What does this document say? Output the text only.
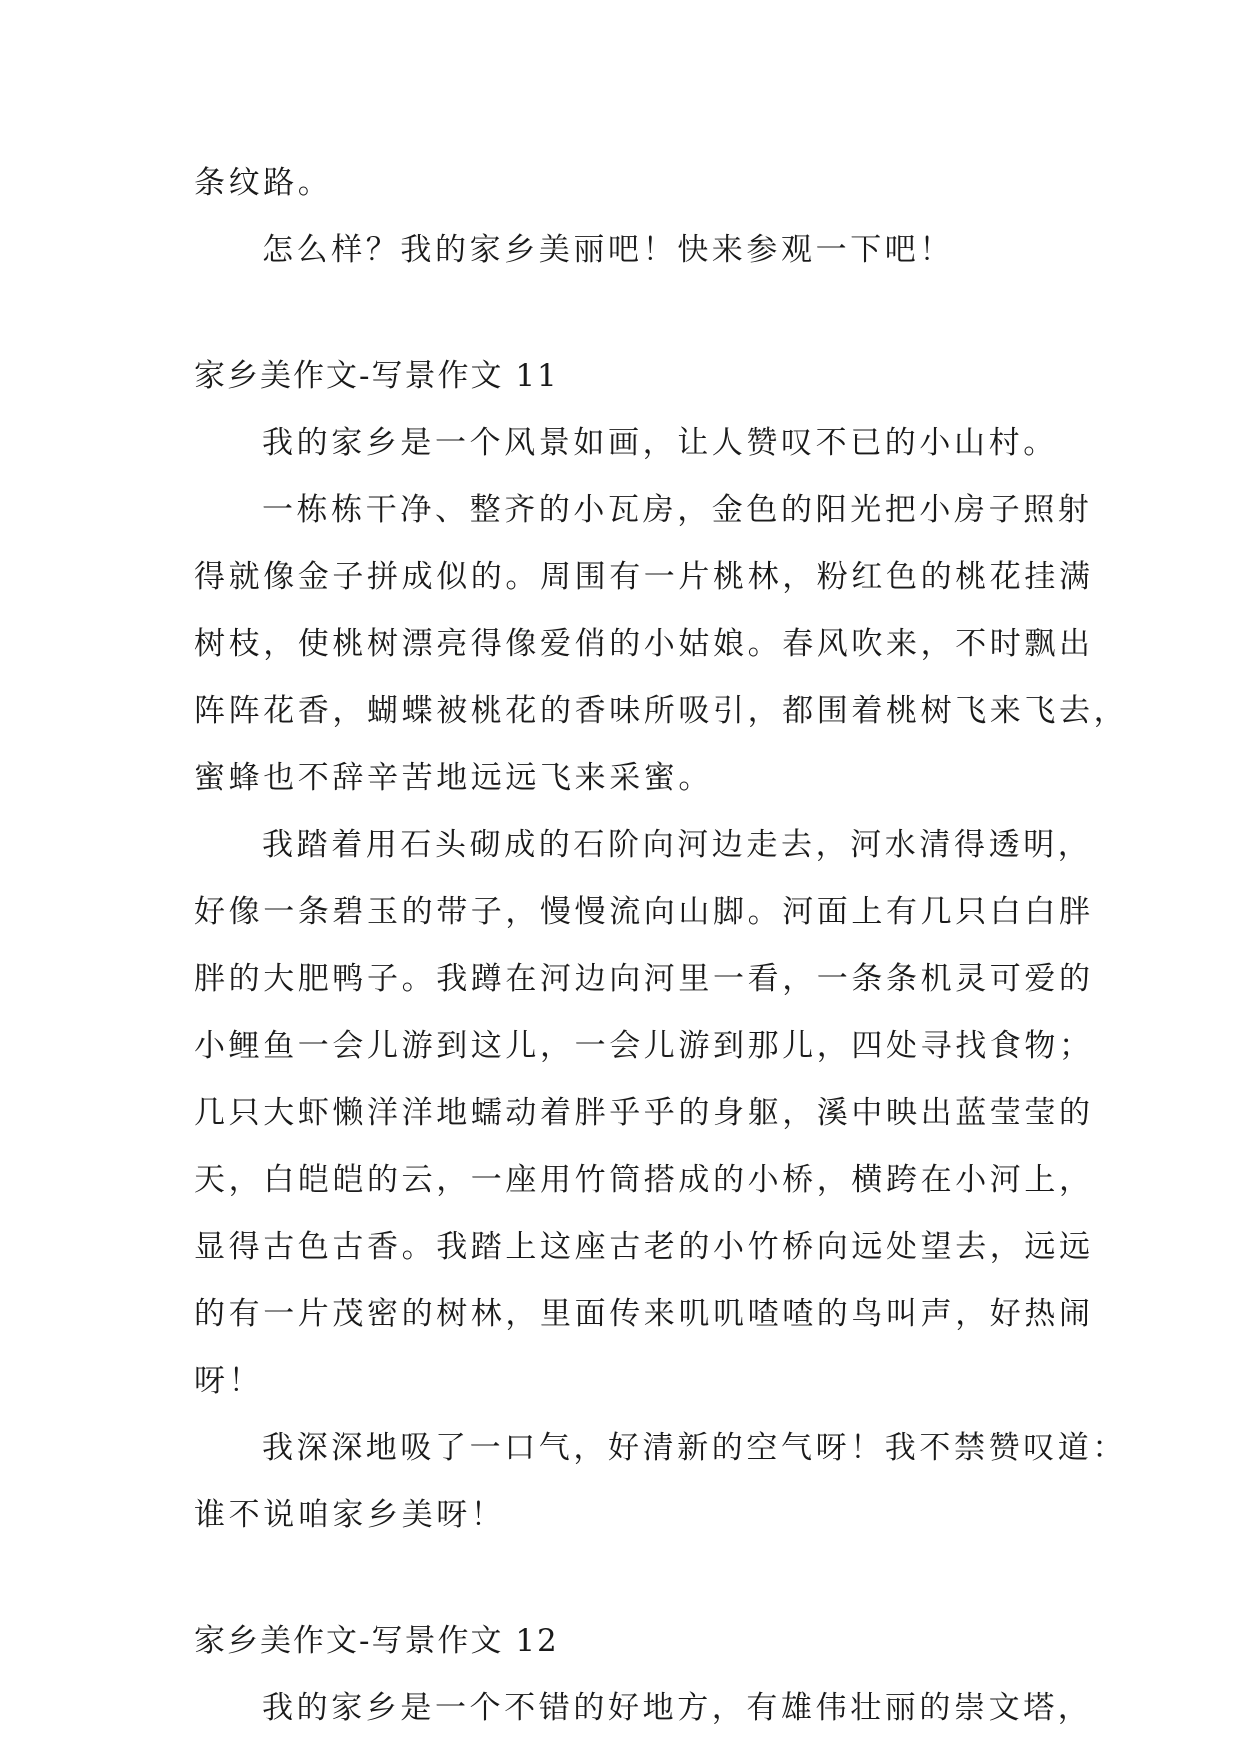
条纹路。
怎么样？我的家乡美丽吧！快来参观一下吧！
家乡美作文-写景作文 11
我的家乡是一个风景如画，让人赞叹不已的小山村。
一栋栋干净、整齐的小瓦房，金色的阳光把小房子照射
得就像金子拼成似的。周围有一片桃林，粉红色的桃花挂满
树枝，使桃树漂亮得像爱俏的小姑娘。春风吹来，不时飘出
阵阵花香，蝴蝶被桃花的香味所吸引，都围着桃树飞来飞去，
蜜蜂也不辞辛苦地远远飞来采蜜。
我踏着用石头砌成的石阶向河边走去，河水清得透明，
好像一条碧玉的带子，慢慢流向山脚。河面上有几只白白胖
胖的大肥鸭子。我蹲在河边向河里一看，一条条机灵可爱的
小鲤鱼一会儿游到这儿，一会儿游到那儿，四处寻找食物；
几只大虾懒洋洋地蠕动着胖乎乎的身躯，溪中映出蓝莹莹的
天，白皑皑的云，一座用竹筒搭成的小桥，横跨在小河上，
显得古色古香。我踏上这座古老的小竹桥向远处望去，远远
的有一片茂密的树林，里面传来叽叽喳喳的鸟叫声，好热闹
呀！
我深深地吸了一口气，好清新的空气呀！我不禁赞叹道：
谁不说咱家乡美呀！
家乡美作文-写景作文 12
我的家乡是一个不错的好地方，有雄伟壮丽的崇文塔，
